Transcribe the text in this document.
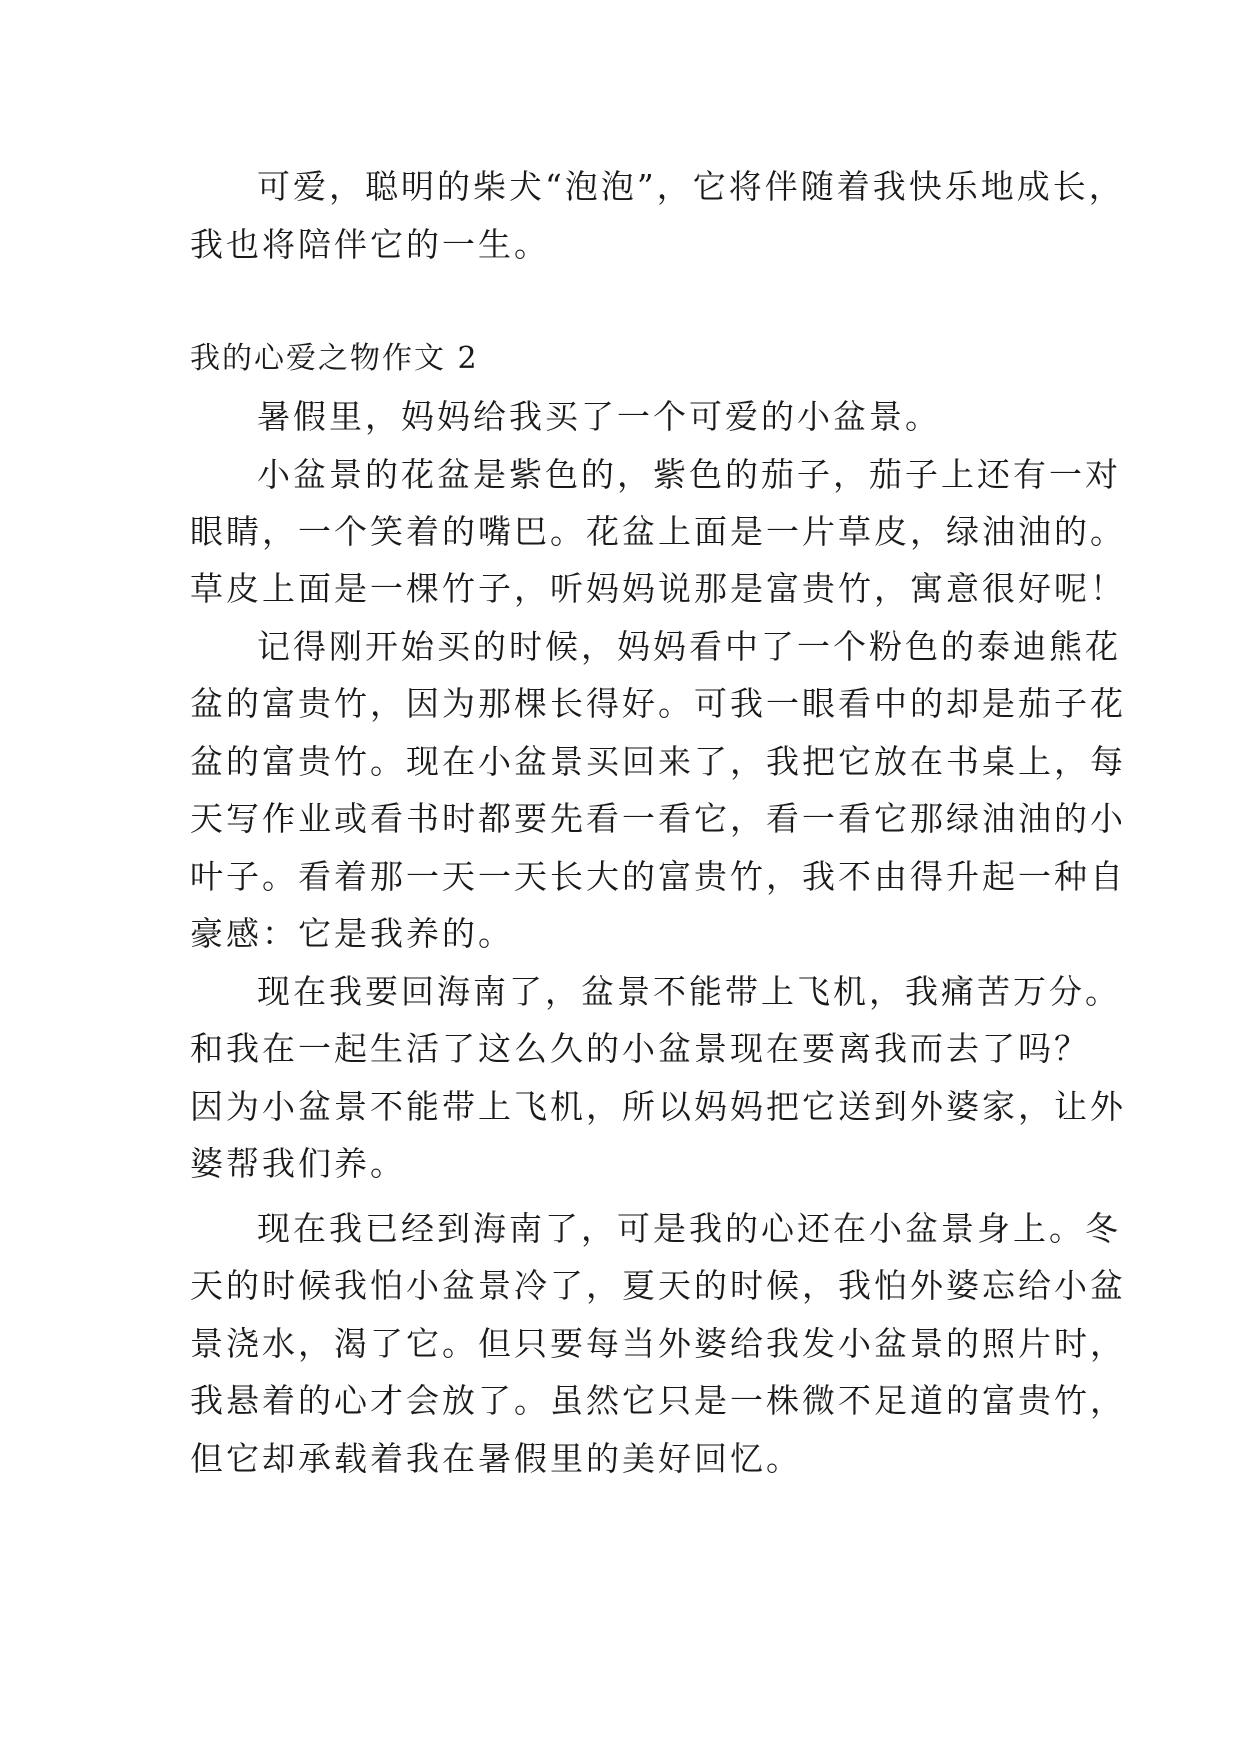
可爱，聪明的柴犬“泡泡”，它将伴随着我快乐地成长，
我也将陪伴它的一生。
我的心爱之物作文 2
暑假里，妈妈给我买了一个可爱的小盆景。
小盆景的花盆是紫色的，紫色的茄子，茄子上还有一对
眼睛，一个笑着的嘴巴。花盆上面是一片草皮，绿油油的。
草皮上面是一棵竹子，听妈妈说那是富贵竹，寓意很好呢！
记得刚开始买的时候，妈妈看中了一个粉色的泰迪熊花
盆的富贵竹，因为那棵长得好。可我一眼看中的却是茄子花
盆的富贵竹。现在小盆景买回来了，我把它放在书桌上，每
天写作业或看书时都要先看一看它，看一看它那绿油油的小
叶子。看着那一天一天长大的富贵竹，我不由得升起一种自
豪感：它是我养的。
现在我要回海南了，盆景不能带上飞机，我痛苦万分。
和我在一起生活了这么久的小盆景现在要离我而去了吗？
因为小盆景不能带上飞机，所以妈妈把它送到外婆家，让外
婆帮我们养。
现在我已经到海南了，可是我的心还在小盆景身上。冬
天的时候我怕小盆景冷了，夏天的时候，我怕外婆忘给小盆
景浇水，渴了它。但只要每当外婆给我发小盆景的照片时，
我悬着的心才会放了。虽然它只是一株微不足道的富贵竹，
但它却承载着我在暑假里的美好回忆。
